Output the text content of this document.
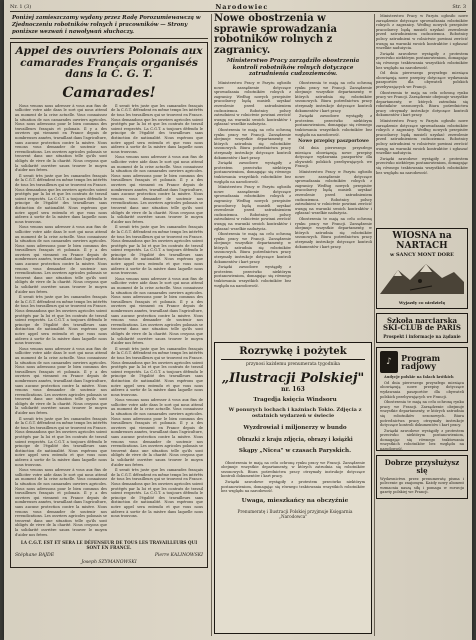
Nr. 1 (3)	Narodowiec	Str. 3
Poniżej zamieszczamy wydany przez Radę Porozumiewawczą w Zjednoczeniu robotników rolnych i pracowników — Strony poniższe wezwań i nawoływań słuchaczy.
Appel des ouvriers Polonais aux camarades Français organisés dans la C. G. T.
Camarades!

Nous venons nous adresser à vous aux fins de solliciter votre aide dans le sort qui nous attend au moment de la crise actuelle. Vous connaissez la situation de nos camarades ouvriers agricoles. Nous nous adressons pour le bien commun des travailleurs français et polonais. Il y a des ouvriers qui viennent en France depuis de nombreuses années, travaillant dans l'agriculture, sans aucune protection contre la misère. Nous venons vous demander de soutenir nos revendications. Les ouvriers agricoles polonais se trouvent dans une situation telle qu'ils sont obligés de vivre de la charité. Nous croyons que la solidarité ouvrière saura trouver le moyen d'aider nos frères.

Il serait très juste que les camarades français de la C.G.T. défendent en même temps les intérêts de tous les travailleurs qui se trouvent en France. Nous demandons que les ouvriers agricoles soient protégés par la loi et que les contrats de travail soient respectés. La C.G.T. a toujours défendu le principe de l'égalité des travailleurs sans distinction de nationalité. Nous espérons que notre appel sera entendu et que vous nous aiderez à sortir de la misère dans laquelle nous nous trouvons.

Nous venons nous adresser à vous aux fins de solliciter votre aide dans le sort qui nous attend au moment de la crise actuelle. Vous connaissez la situation de nos camarades ouvriers agricoles. Nous nous adressons pour le bien commun des travailleurs français et polonais. Il y a des ouvriers qui viennent en France depuis de nombreuses années, travaillant dans l'agriculture, sans aucune protection contre la misère. Nous venons vous demander de soutenir nos revendications. Les ouvriers agricoles polonais se trouvent dans une situation telle qu'ils sont obligés de vivre de la charité. Nous croyons que la solidarité ouvrière saura trouver le moyen d'aider nos frères.

Il serait très juste que les camarades français de la C.G.T. défendent en même temps les intérêts de tous les travailleurs qui se trouvent en France. Nous demandons que les ouvriers agricoles soient protégés par la loi et que les contrats de travail soient respectés. La C.G.T. a toujours défendu le principe de l'égalité des travailleurs sans distinction de nationalité. Nous espérons que notre appel sera entendu et que vous nous aiderez à sortir de la misère dans laquelle nous nous trouvons.

Nous venons nous adresser à vous aux fins de solliciter votre aide dans le sort qui nous attend au moment de la crise actuelle. Vous connaissez la situation de nos camarades ouvriers agricoles. Nous nous adressons pour le bien commun des travailleurs français et polonais. Il y a des ouvriers qui viennent en France depuis de nombreuses années, travaillant dans l'agriculture, sans aucune protection contre la misère. Nous venons vous demander de soutenir nos revendications. Les ouvriers agricoles polonais se trouvent dans une situation telle qu'ils sont obligés de vivre de la charité. Nous croyons que la solidarité ouvrière saura trouver le moyen d'aider nos frères.

Il serait très juste que les camarades français de la C.G.T. défendent en même temps les intérêts de tous les travailleurs qui se trouvent en France. Nous demandons que les ouvriers agricoles soient protégés par la loi et que les contrats de travail soient respectés. La C.G.T. a toujours défendu le principe de l'égalité des travailleurs sans distinction de nationalité. Nous espérons que notre appel sera entendu et que vous nous aiderez à sortir de la misère dans laquelle nous nous trouvons.

Nous venons nous adresser à vous aux fins de solliciter votre aide dans le sort qui nous attend au moment de la crise actuelle. Vous connaissez la situation de nos camarades ouvriers agricoles. Nous nous adressons pour le bien commun des travailleurs français et polonais. Il y a des ouvriers qui viennent en France depuis de nombreuses années, travaillant dans l'agriculture, sans aucune protection contre la misère. Nous venons vous demander de soutenir nos revendications. Les ouvriers agricoles polonais se trouvent dans une situation telle qu'ils sont obligés de vivre de la charité. Nous croyons que la solidarité ouvrière saura trouver le moyen d'aider nos frères.

Il serait très juste que les camarades français de la C.G.T. défendent en même temps les intérêts de tous les travailleurs qui se trouvent en France. Nous demandons que les ouvriers agricoles soient protégés par la loi et que les contrats de travail soient respectés. La C.G.T. a toujours défendu le principe de l'égalité des travailleurs sans distinction de nationalité. Nous espérons que notre appel sera entendu et que vous nous aiderez à sortir de la misère dans laquelle nous nous trouvons.

Nous venons nous adresser à vous aux fins de solliciter votre aide dans le sort qui nous attend au moment de la crise actuelle. Vous connaissez la situation de nos camarades ouvriers agricoles. Nous nous adressons pour le bien commun des travailleurs français et polonais. Il y a des ouvriers qui viennent en France depuis de nombreuses années, travaillant dans l'agriculture, sans aucune protection contre la misère. Nous venons vous demander de soutenir nos revendications. Les ouvriers agricoles polonais se trouvent dans une situation telle qu'ils sont obligés de vivre de la charité. Nous croyons que la solidarité ouvrière saura trouver le moyen d'aider nos frères.

Il serait très juste que les camarades français de la C.G.T. défendent en même temps les intérêts de tous les travailleurs qui se trouvent en France. Nous demandons que les ouvriers agricoles soient protégés par la loi et que les contrats de travail soient respectés. La C.G.T. a toujours défendu le principe de l'égalité des travailleurs sans distinction de nationalité. Nous espérons que notre appel sera entendu et que vous nous aiderez à sortir de la misère dans laquelle nous nous trouvons.

Nous venons nous adresser à vous aux fins de solliciter votre aide dans le sort qui nous attend au moment de la crise actuelle. Vous connaissez la situation de nos camarades ouvriers agricoles. Nous nous adressons pour le bien commun des travailleurs français et polonais. Il y a des ouvriers qui viennent en France depuis de nombreuses années, travaillant dans l'agriculture, sans aucune protection contre la misère. Nous venons vous demander de soutenir nos revendications. Les ouvriers agricoles polonais se trouvent dans une situation telle qu'ils sont obligés de vivre de la charité. Nous croyons que la solidarité ouvrière saura trouver le moyen d'aider nos frères.

Il serait très juste que les camarades français de la C.G.T. défendent en même temps les intérêts de tous les travailleurs qui se trouvent en France. Nous demandons que les ouvriers agricoles soient protégés par la loi et que les contrats de travail soient respectés. La C.G.T. a toujours défendu le principe de l'égalité des travailleurs sans distinction de nationalité. Nous espérons que notre appel sera entendu et que vous nous aiderez à sortir de la misère dans laquelle nous nous trouvons.

Nous venons nous adresser à vous aux fins de solliciter votre aide dans le sort qui nous attend au moment de la crise actuelle. Vous connaissez la situation de nos camarades ouvriers agricoles. Nous nous adressons pour le bien commun des travailleurs français et polonais. Il y a des ouvriers qui viennent en France depuis de nombreuses années, travaillant dans l'agriculture, sans aucune protection contre la misère. Nous venons vous demander de soutenir nos revendications. Les ouvriers agricoles polonais se trouvent dans une situation telle qu'ils sont obligés de vivre de la charité. Nous croyons que la solidarité ouvrière saura trouver le moyen d'aider nos frères.

Il serait très juste que les camarades français de la C.G.T. défendent en même temps les intérêts de tous les travailleurs qui se trouvent en France. Nous demandons que les ouvriers agricoles soient protégés par la loi et que les contrats de travail soient respectés. La C.G.T. a toujours défendu le principe de l'égalité des travailleurs sans distinction de nationalité. Nous espérons que notre appel sera entendu et que vous nous aiderez à sortir de la misère dans laquelle nous nous trouvons.

LA C.G.T. EST ET SERA LE DÉFENSEUR DE TOUS LES TRAVAILLEURS QUI SONT EN FRANCE.
Stéphane BAJDE	Pierre KALINOWSKI
Joseph SZYMANOWSKI
Nowe obostrzenia w sprawie sprowadzania robotników rolnych z zagranicy.
Ministerstwo Pracy zarządziło obostrzenia kontroli robotników rolnych dotyczące zatrudnienia cudzoziemców.

Ministerstwo Pracy w Paryżu ogłosiło nowe zarządzenie dotyczące sprowadzania robotników rolnych z zagranicy. Według nowych przepisów pracodawcy będą musieli uzyskać zezwolenie przed zatrudnieniem cudzoziemca. Robotnicy polscy zatrudnieni w rolnictwie powinni zwrócić uwagę na warunki swoich kontraktów i zgłaszać wszelkie nadużycia.

Obostrzenia te mają na celu ochronę rynku pracy we Francji. Zarządzenie obejmuje wszystkie departamenty, w których zatrudnia się robotników sezonowych. Biura pośrednictwa pracy otrzymały instrukcje dotyczące kontroli dokumentów i kart pracy.

Związki zawodowe wystąpiły z protestem przeciwko niektórym postanowieniom, domagając się równego traktowania wszystkich robotników bez względu na narodowość.

Ministerstwo Pracy w Paryżu ogłosiło nowe zarządzenie dotyczące sprowadzania robotników rolnych z zagranicy. Według nowych przepisów pracodawcy będą musieli uzyskać zezwolenie przed zatrudnieniem cudzoziemca. Robotnicy polscy zatrudnieni w rolnictwie powinni zwrócić uwagę na warunki swoich kontraktów i zgłaszać wszelkie nadużycia.

Obostrzenia te mają na celu ochronę rynku pracy we Francji. Zarządzenie obejmuje wszystkie departamenty, w których zatrudnia się robotników sezonowych. Biura pośrednictwa pracy otrzymały instrukcje dotyczące kontroli dokumentów i kart pracy.

Związki zawodowe wystąpiły z protestem przeciwko niektórym postanowieniom, domagając się równego traktowania wszystkich robotników bez względu na narodowość.

Obostrzenia te mają na celu ochronę rynku pracy we Francji. Zarządzenie obejmuje wszystkie departamenty, w których zatrudnia się robotników sezonowych. Biura pośrednictwa pracy otrzymały instrukcje dotyczące kontroli dokumentów i kart pracy.

Związki zawodowe wystąpiły z protestem przeciwko niektórym postanowieniom, domagając się równego traktowania wszystkich robotników bez względu na narodowość.

Nowe przepisy paszportowe

Od dnia pierwszego przyszłego miesiąca obowiązują nowe przepisy dotyczące wydawania paszportów dla obywateli polskich przebywających we Francji.

Ministerstwo Pracy w Paryżu ogłosiło nowe zarządzenie dotyczące sprowadzania robotników rolnych z zagranicy. Według nowych przepisów pracodawcy będą musieli uzyskać zezwolenie przed zatrudnieniem cudzoziemca. Robotnicy polscy zatrudnieni w rolnictwie powinni zwrócić uwagę na warunki swoich kontraktów i zgłaszać wszelkie nadużycia.

Obostrzenia te mają na celu ochronę rynku pracy we Francji. Zarządzenie obejmuje wszystkie departamenty, w których zatrudnia się robotników sezonowych. Biura pośrednictwa pracy otrzymały instrukcje dotyczące kontroli dokumentów i kart pracy.

Rozrywkę i pożytek
przynosi każdemu prenumerata tygodnika
„Ilustracji Polskiej"
nr. 163

Tragedja księcia Windsoru

W ponurych lochach i kaźniach Tokio. Zdjęcia z ostatnich wydarzeń w świecie

Wyzdrowiał i miljonerzy w bundo

Obrazki z kraju zdjęcia, obrazy i książki

Skąpy „Nicea" w czasach Paryskich.

Obostrzenia te mają na celu ochronę rynku pracy we Francji. Zarządzenie obejmuje wszystkie departamenty, w których zatrudnia się robotników sezonowych. Biura pośrednictwa pracy otrzymały instrukcje dotyczące kontroli dokumentów i kart pracy.

Związki zawodowe wystąpiły z protestem przeciwko niektórym postanowieniom, domagając się równego traktowania wszystkich robotników bez względu na narodowość.

Uwaga, mieszkańcy na obczyźnie

Prenumeratę i Ilustracji Polskiej przyjmuje Księgarnia „Narodowca"

Ministerstwo Pracy w Paryżu ogłosiło nowe zarządzenie dotyczące sprowadzania robotników rolnych z zagranicy. Według nowych przepisów pracodawcy będą musieli uzyskać zezwolenie przed zatrudnieniem cudzoziemca. Robotnicy polscy zatrudnieni w rolnictwie powinni zwrócić uwagę na warunki swoich kontraktów i zgłaszać wszelkie nadużycia.

Związki zawodowe wystąpiły z protestem przeciwko niektórym postanowieniom, domagając się równego traktowania wszystkich robotników bez względu na narodowość.

Od dnia pierwszego przyszłego miesiąca obowiązują nowe przepisy dotyczące wydawania paszportów dla obywateli polskich przebywających we Francji.

Obostrzenia te mają na celu ochronę rynku pracy we Francji. Zarządzenie obejmuje wszystkie departamenty, w których zatrudnia się robotników sezonowych. Biura pośrednictwa pracy otrzymały instrukcje dotyczące kontroli dokumentów i kart pracy.

Ministerstwo Pracy w Paryżu ogłosiło nowe zarządzenie dotyczące sprowadzania robotników rolnych z zagranicy. Według nowych przepisów pracodawcy będą musieli uzyskać zezwolenie przed zatrudnieniem cudzoziemca. Robotnicy polscy zatrudnieni w rolnictwie powinni zwrócić uwagę na warunki swoich kontraktów i zgłaszać wszelkie nadużycia.

Związki zawodowe wystąpiły z protestem przeciwko niektórym postanowieniom, domagając się równego traktowania wszystkich robotników bez względu na narodowość.

WIOSNA na NARTACH
w SANCY MONT DORE
Wyjazdy co niedzielę
Szkoła narciarska SKI-CLUB de PARIS
Prospekt i informacje na żądanie
♪	Program radjowy

Audycje polskie na falach krótkich

Od dnia pierwszego przyszłego miesiąca obowiązują nowe przepisy dotyczące wydawania paszportów dla obywateli polskich przebywających we Francji.

Obostrzenia te mają na celu ochronę rynku pracy we Francji. Zarządzenie obejmuje wszystkie departamenty, w których zatrudnia się robotników sezonowych. Biura pośrednictwa pracy otrzymały instrukcje dotyczące kontroli dokumentów i kart pracy.

Związki zawodowe wystąpiły z protestem przeciwko niektórym postanowieniom, domagając się równego traktowania wszystkich robotników bez względu na narodowość.

Dobrze przysłużysz się
Wydawnictwu przez prenumeratę pisma i polecenie go znajomym. Każdy nowy abonent wzmacnia naszą siłę i pomaga w rozwoju gazety polskiej we Francji.
